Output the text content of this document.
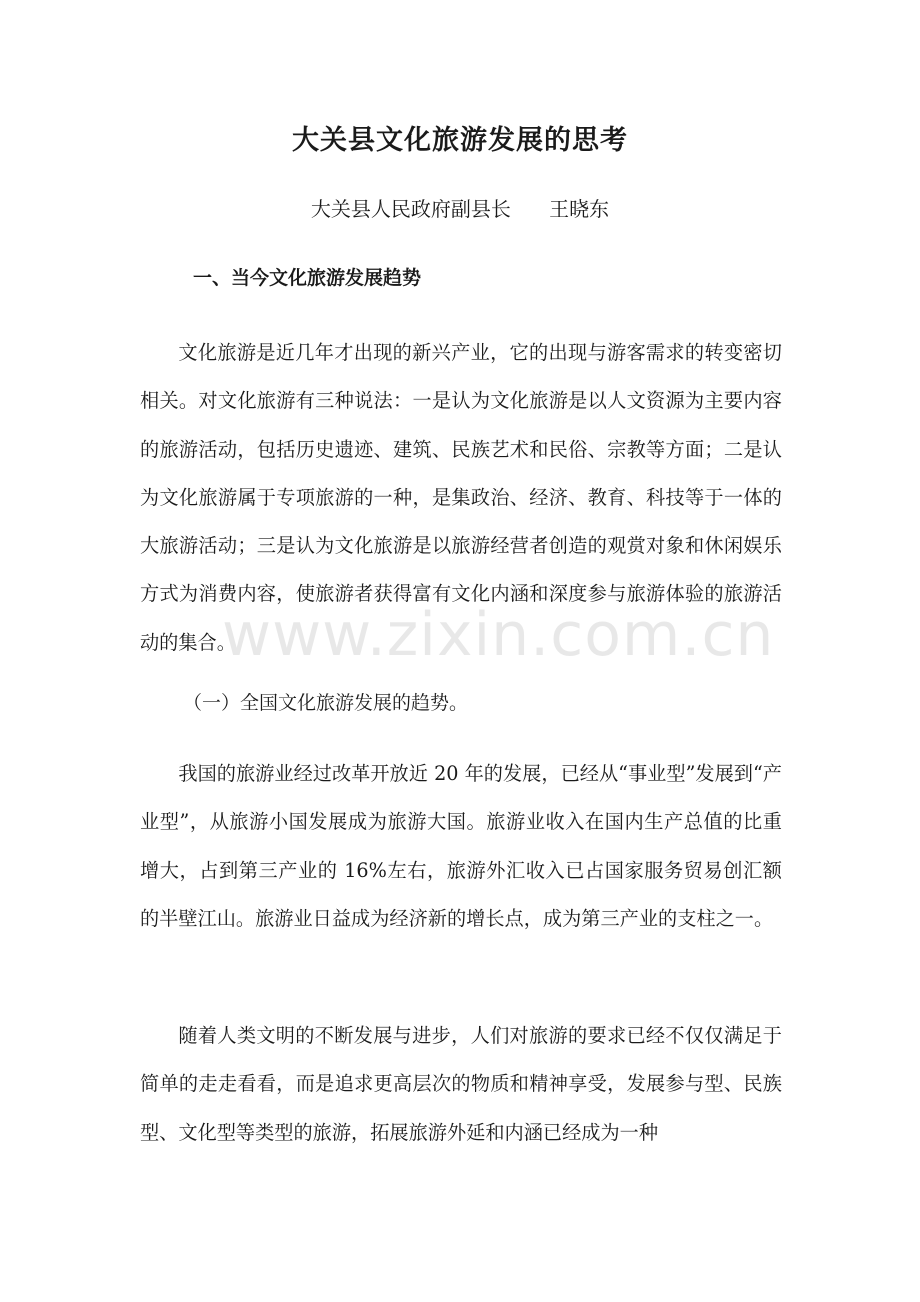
大关县文化旅游发展的思考

大关县人民政府副县长      王晓东

一、当今文化旅游发展趋势

文化旅游是近几年才出现的新兴产业，它的出现与游客需求的转变密切相关。对文化旅游有三种说法：一是认为文化旅游是以人文资源为主要内容的旅游活动，包括历史遗迹、建筑、民族艺术和民俗、宗教等方面；二是认为文化旅游属于专项旅游的一种，是集政治、经济、教育、科技等于一体的大旅游活动；三是认为文化旅游是以旅游经营者创造的观赏对象和休闲娱乐方式为消费内容，使旅游者获得富有文化内涵和深度参与旅游体验的旅游活动的集合。

（一）全国文化旅游发展的趋势。

我国的旅游业经过改革开放近 20 年的发展，已经从“事业型”发展到“产业型”，从旅游小国发展成为旅游大国。旅游业收入在国内生产总值的比重增大，占到第三产业的 16%左右，旅游外汇收入已占国家服务贸易创汇额的半壁江山。旅游业日益成为经济新的增长点，成为第三产业的支柱之一。

随着人类文明的不断发展与进步，人们对旅游的要求已经不仅仅满足于简单的走走看看，而是追求更高层次的物质和精神享受，发展参与型、民族型、文化型等类型的旅游，拓展旅游外延和内涵已经成为一种

www.zixin.com.cn
